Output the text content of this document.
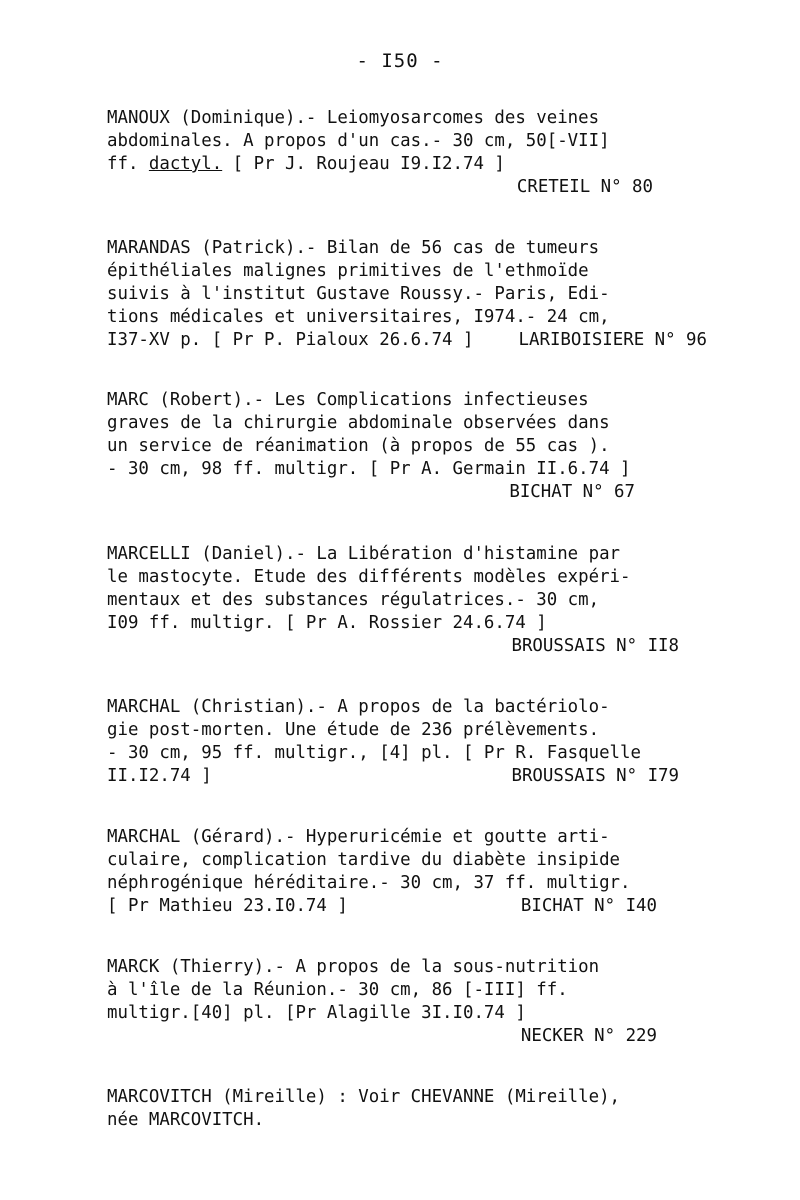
- I50 -
MANOUX (Dominique).- Leiomyosarcomes des veines
abdominales. A propos d'un cas.- 30 cm, 50[-VII]
ff. dactyl. [ Pr J. Roujeau I9.I2.74 ]
CRETEIL N° 80
MARANDAS (Patrick).- Bilan de 56 cas de tumeurs
épithéliales malignes primitives de l'ethmoïde
suivis à l'institut Gustave Roussy.- Paris, Edi-
tions médicales et universitaires, I974.- 24 cm,
I37-XV p. [ Pr P. Pialoux 26.6.74 ]	LARIBOISIERE N° 96
MARC (Robert).- Les Complications infectieuses
graves de la chirurgie abdominale observées dans
un service de réanimation (à propos de 55 cas ).
- 30 cm, 98 ff. multigr. [ Pr A. Germain II.6.74 ]
BICHAT N° 67
MARCELLI (Daniel).- La Libération d'histamine par
le mastocyte. Etude des différents modèles expéri-
mentaux et des substances régulatrices.- 30 cm,
I09 ff. multigr. [ Pr A. Rossier 24.6.74 ]
BROUSSAIS N° II8
MARCHAL (Christian).- A propos de la bactériolo-
gie post-morten. Une étude de 236 prélèvements.
- 30 cm, 95 ff. multigr., [4] pl. [ Pr R. Fasquelle
II.I2.74 ]	BROUSSAIS N° I79
MARCHAL (Gérard).- Hyperuricémie et goutte arti-
culaire, complication tardive du diabète insipide
néphrogénique héréditaire.- 30 cm, 37 ff. multigr.
[ Pr Mathieu 23.I0.74 ]	BICHAT N° I40
MARCK (Thierry).- A propos de la sous-nutrition
à l'île de la Réunion.- 30 cm, 86 [-III] ff.
multigr.[40] pl. [Pr Alagille 3I.I0.74 ]
NECKER N° 229
MARCOVITCH (Mireille) : Voir CHEVANNE (Mireille),
née MARCOVITCH.
